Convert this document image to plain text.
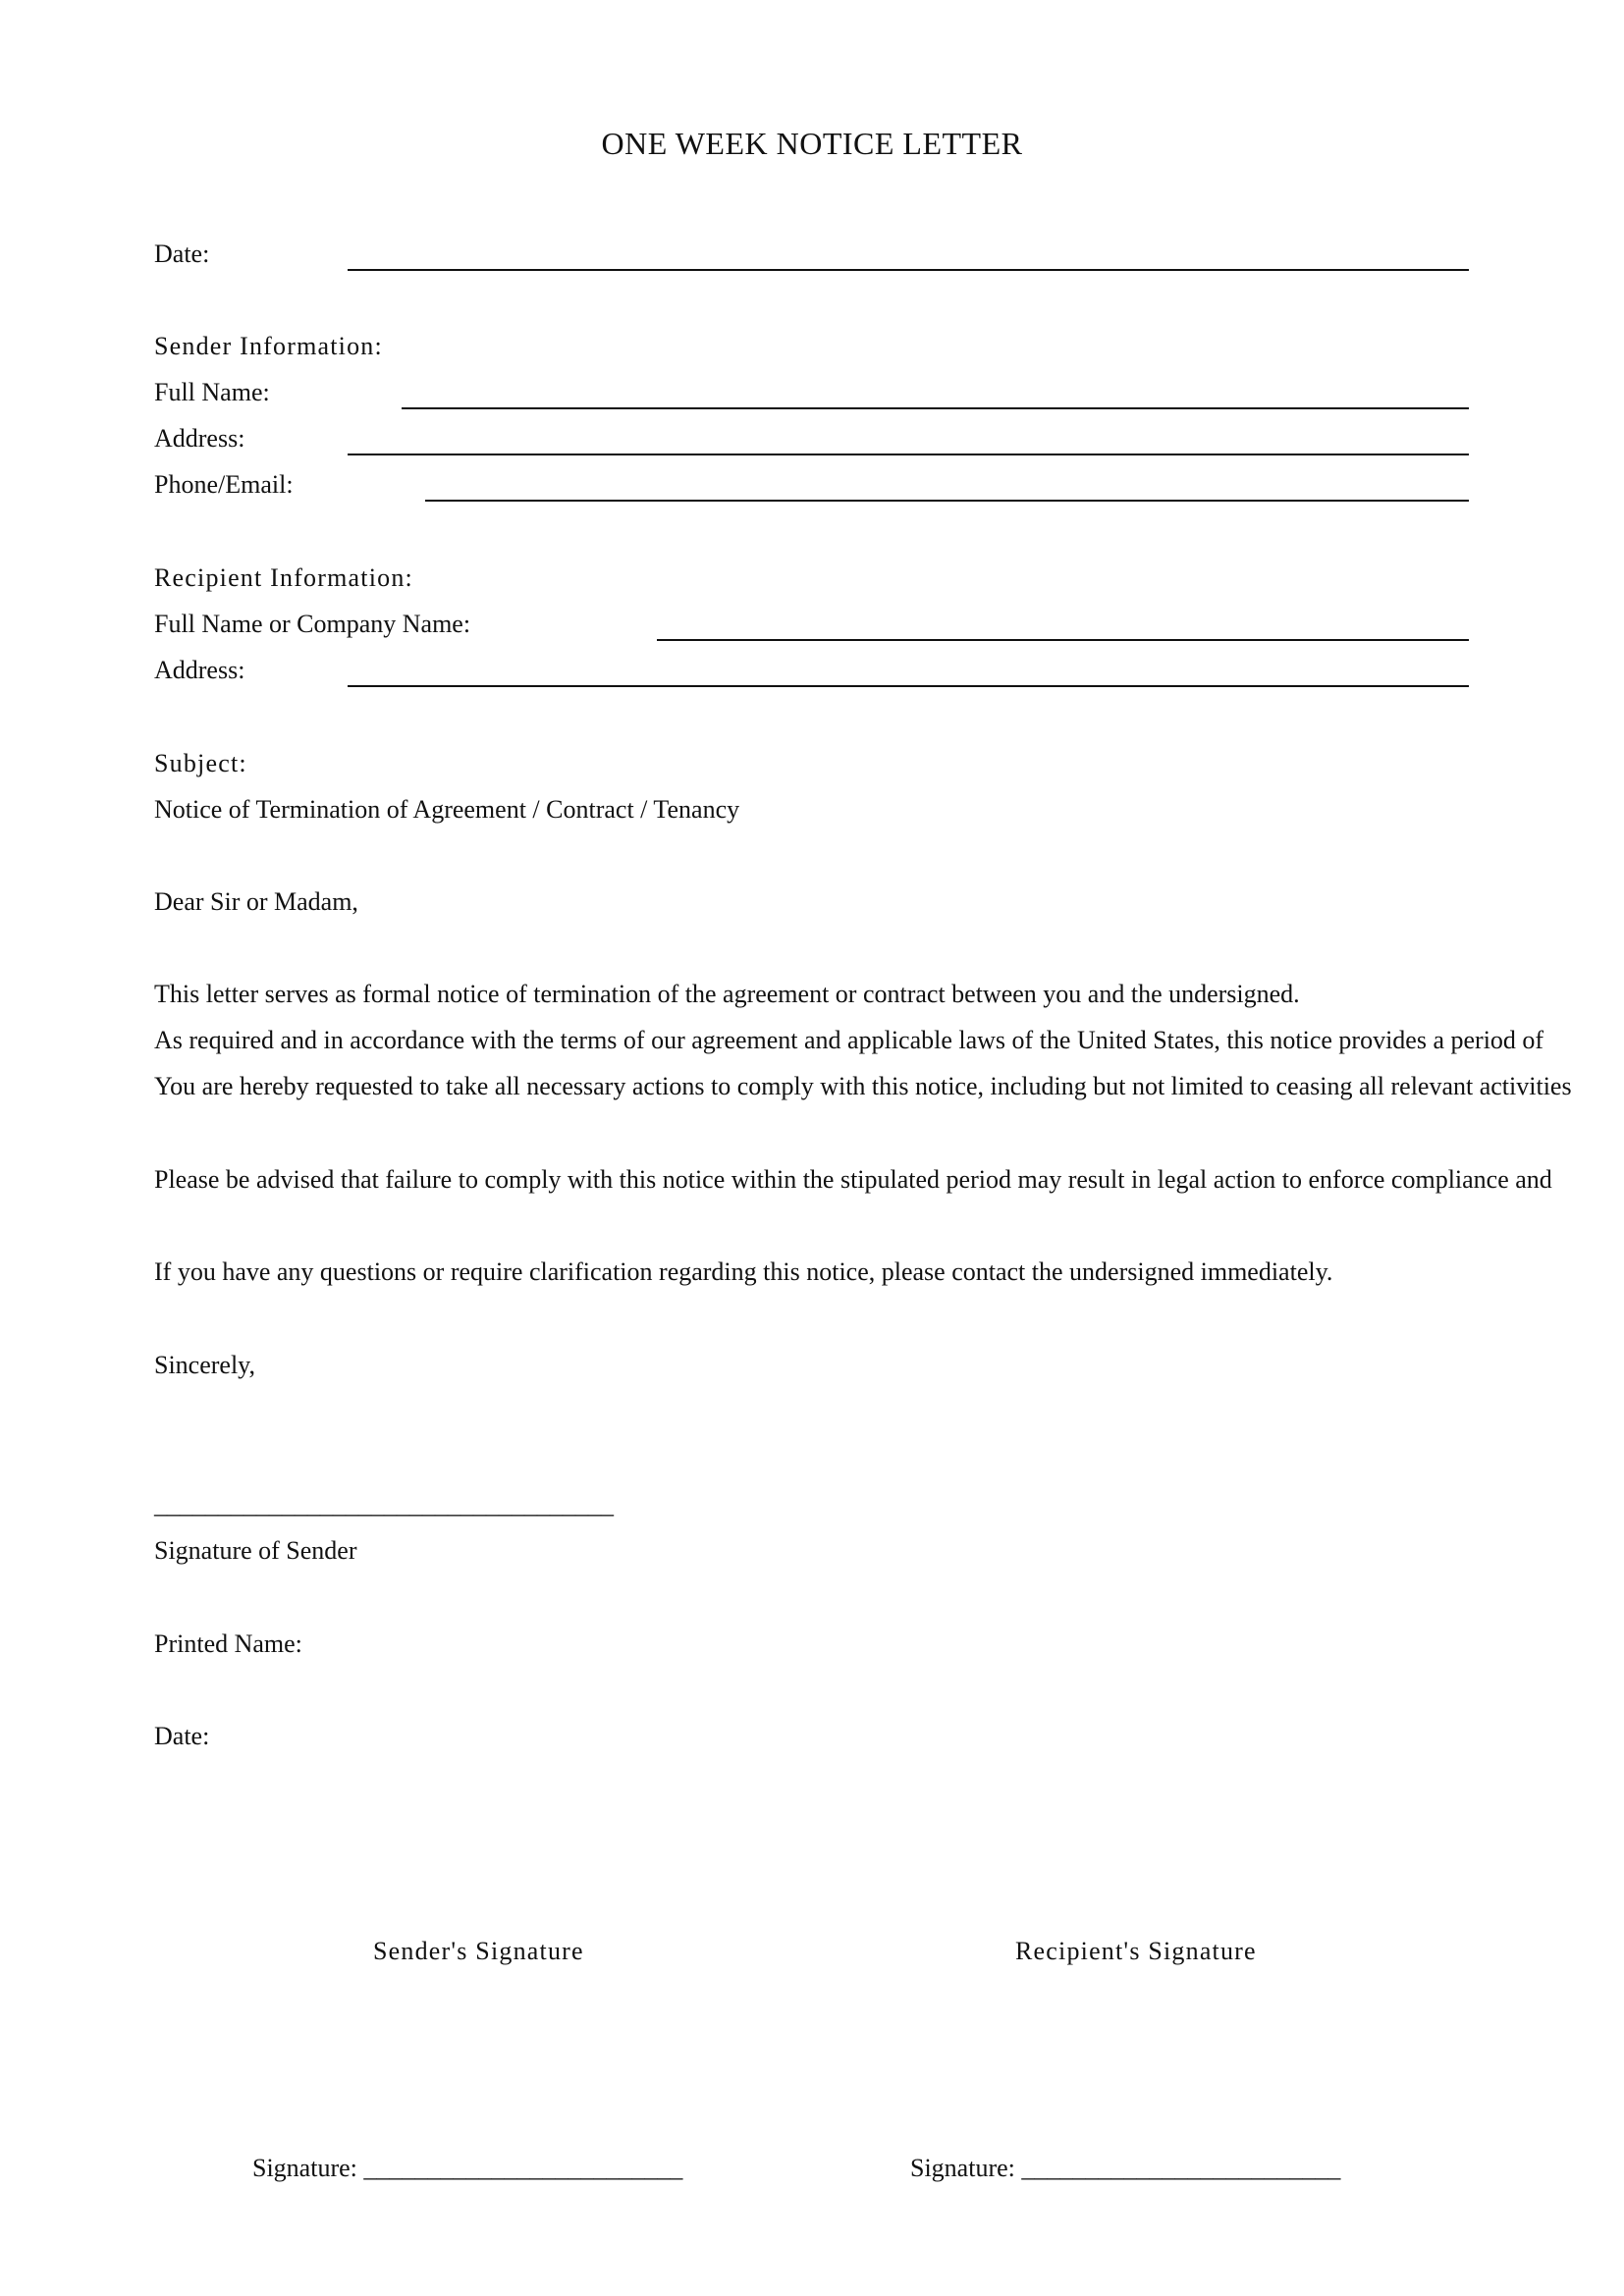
ONE WEEK NOTICE LETTER
Date:
Sender Information:
Full Name:
Address:
Phone/Email:
Recipient Information:
Full Name or Company Name:
Address:
Subject:
Notice of Termination of Agreement / Contract / Tenancy
Dear Sir or Madam,
This letter serves as formal notice of termination of the agreement or contract between you and the undersigned.
As required and in accordance with the terms of our agreement and applicable laws of the United States, this notice provides a period of
You are hereby requested to take all necessary actions to comply with this notice, including but not limited to ceasing all relevant activities
Please be advised that failure to comply with this notice within the stipulated period may result in legal action to enforce compliance and
If you have any questions or require clarification regarding this notice, please contact the undersigned immediately.
Sincerely,
____________________________________
Signature of Sender
Printed Name:
Date:
Sender's Signature	Recipient's Signature
Signature: _________________________	Signature: _________________________
